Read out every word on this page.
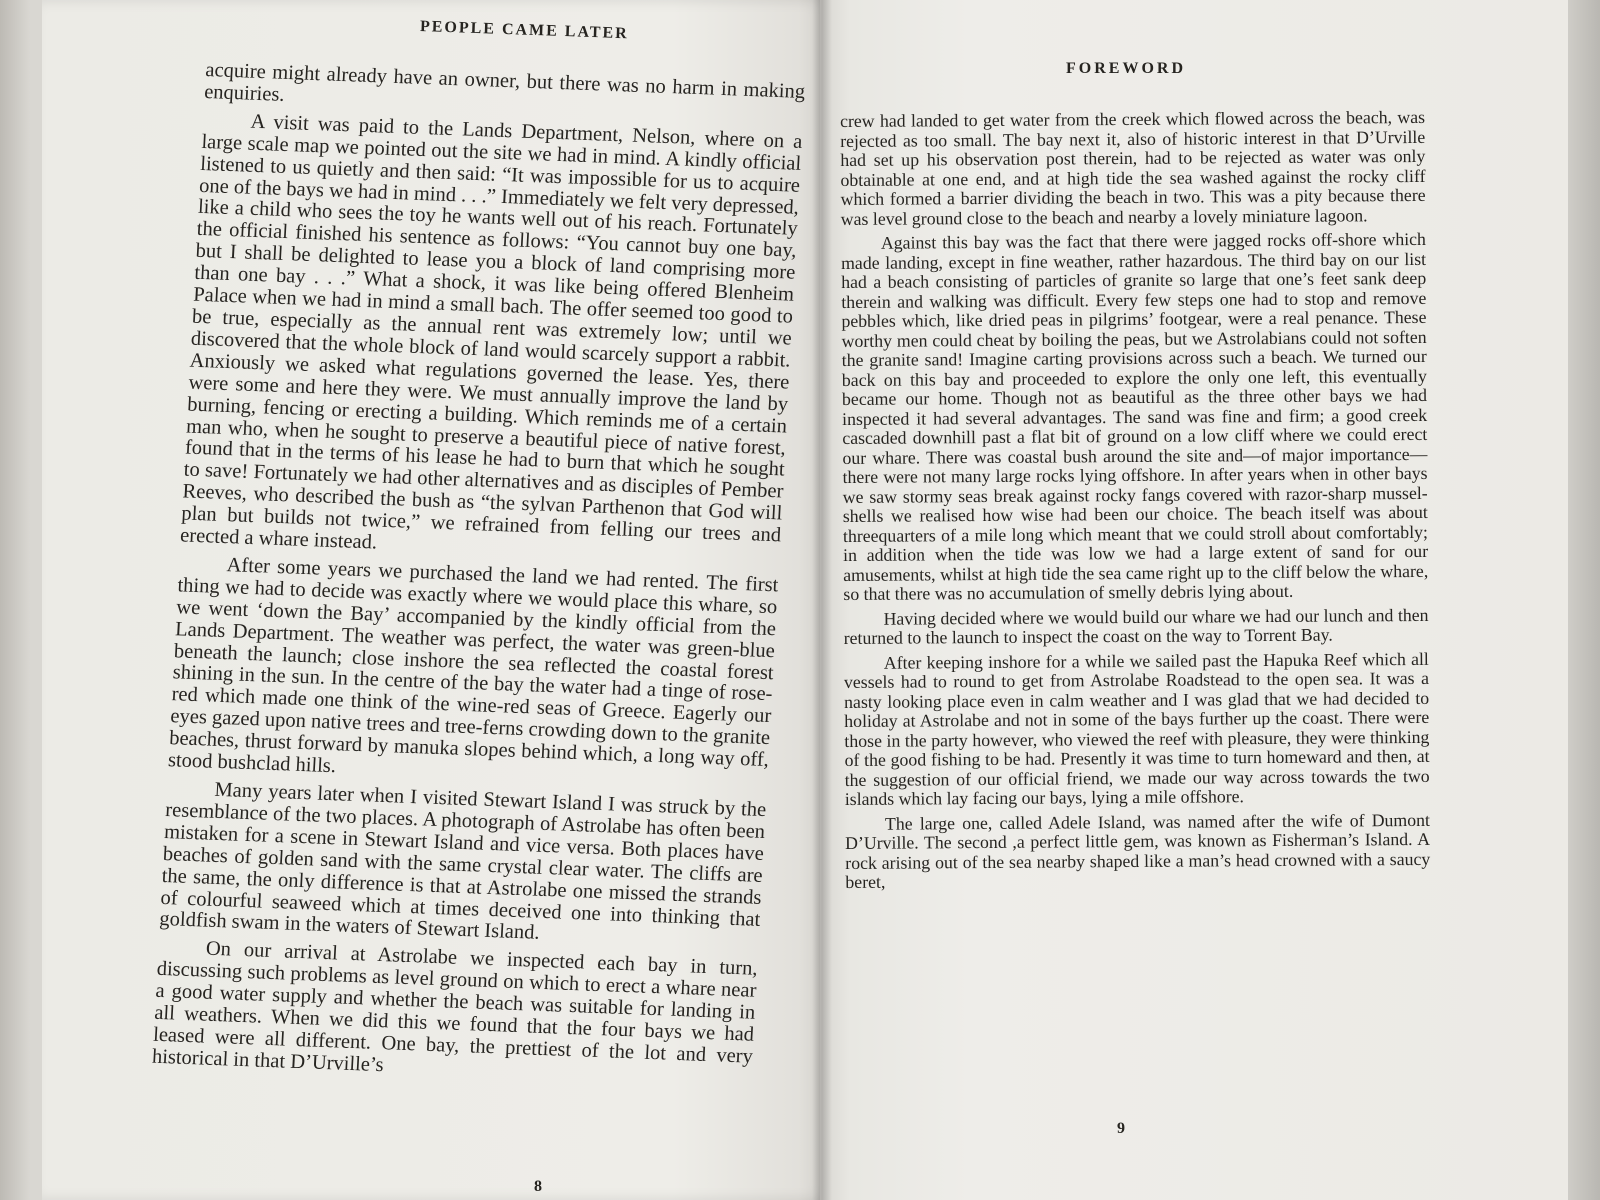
PEOPLE CAME LATER

acquire might already have an owner, but there was no harm in making enquiries.

A visit was paid to the Lands Department, Nelson, where on a large scale map we pointed out the site we had in mind. A kindly official listened to us quietly and then said: “It was impossible for us to acquire one of the bays we had in mind . . .” Immediately we felt very depressed, like a child who sees the toy he wants well out of his reach. Fortunately the official finished his sentence as follows: “You cannot buy one bay, but I shall be delighted to lease you a block of land comprising more than one bay . . .” What a shock, it was like being offered Blenheim Palace when we had in mind a small bach. The offer seemed too good to be true, especially as the annual rent was extremely low; until we discovered that the whole block of land would scarcely support a rabbit. Anxiously we asked what regulations governed the lease. Yes, there were some and here they were. We must annually improve the land by burning, fencing or erecting a building. Which reminds me of a certain man who, when he sought to preserve a beautiful piece of native forest, found that in the terms of his lease he had to burn that which he sought to save! Fortunately we had other alternatives and as disciples of Pember Reeves, who described the bush as “the sylvan Parthenon that God will plan but builds not twice,” we refrained from felling our trees and erected a whare instead.

After some years we purchased the land we had rented. The first thing we had to decide was exactly where we would place this whare, so we went ‘down the Bay’ accompanied by the kindly official from the Lands Department. The weather was perfect, the water was green-blue beneath the launch; close inshore the sea reflected the coastal forest shining in the sun. In the centre of the bay the water had a tinge of rose-red which made one think of the wine-red seas of Greece. Eagerly our eyes gazed upon native trees and tree-ferns crowding down to the granite beaches, thrust forward by manuka slopes behind which, a long way off, stood bushclad hills.

Many years later when I visited Stewart Island I was struck by the resemblance of the two places. A photograph of Astrolabe has often been mistaken for a scene in Stewart Island and vice versa. Both places have beaches of golden sand with the same crystal clear water. The cliffs are the same, the only difference is that at Astrolabe one missed the strands of colourful seaweed which at times deceived one into thinking that goldfish swam in the waters of Stewart Island.

On our arrival at Astrolabe we inspected each bay in turn, discussing such problems as level ground on which to erect a whare near a good water supply and whether the beach was suitable for landing in all weathers. When we did this we found that the four bays we had leased were all different. One bay, the prettiest of the lot and very historical in that D’Urville’s

8
FOREWORD

crew had landed to get water from the creek which flowed across the beach, was rejected as too small. The bay next it, also of historic interest in that D’Urville had set up his observation post therein, had to be rejected as water was only obtainable at one end, and at high tide the sea washed against the rocky cliff which formed a barrier dividing the beach in two. This was a pity because there was level ground close to the beach and nearby a lovely miniature lagoon.

Against this bay was the fact that there were jagged rocks off-shore which made landing, except in fine weather, rather hazardous. The third bay on our list had a beach consisting of particles of granite so large that one’s feet sank deep therein and walking was difficult. Every few steps one had to stop and remove pebbles which, like dried peas in pilgrims’ footgear, were a real penance. These worthy men could cheat by boiling the peas, but we Astrolabians could not soften the granite sand! Imagine carting provisions across such a beach. We turned our back on this bay and proceeded to explore the only one left, this eventually became our home. Though not as beautiful as the three other bays we had inspected it had several advantages. The sand was fine and firm; a good creek cascaded downhill past a flat bit of ground on a low cliff where we could erect our whare. There was coastal bush around the site and—of major importance—there were not many large rocks lying offshore. In after years when in other bays we saw stormy seas break against rocky fangs covered with razor-sharp mussel-shells we realised how wise had been our choice. The beach itself was about threequarters of a mile long which meant that we could stroll about comfortably; in addition when the tide was low we had a large extent of sand for our amusements, whilst at high tide the sea came right up to the cliff below the whare, so that there was no accumulation of smelly debris lying about.

Having decided where we would build our whare we had our lunch and then returned to the launch to inspect the coast on the way to Torrent Bay.

After keeping inshore for a while we sailed past the Hapuka Reef which all vessels had to round to get from Astrolabe Roadstead to the open sea. It was a nasty looking place even in calm weather and I was glad that we had decided to holiday at Astrolabe and not in some of the bays further up the coast. There were those in the party however, who viewed the reef with pleasure, they were thinking of the good fishing to be had. Presently it was time to turn homeward and then, at the suggestion of our official friend, we made our way across towards the two islands which lay facing our bays, lying a mile offshore.

The large one, called Adele Island, was named after the wife of Dumont D’Urville. The second ,a perfect little gem, was known as Fisherman’s Island. A rock arising out of the sea nearby shaped like a man’s head crowned with a saucy beret,

9
